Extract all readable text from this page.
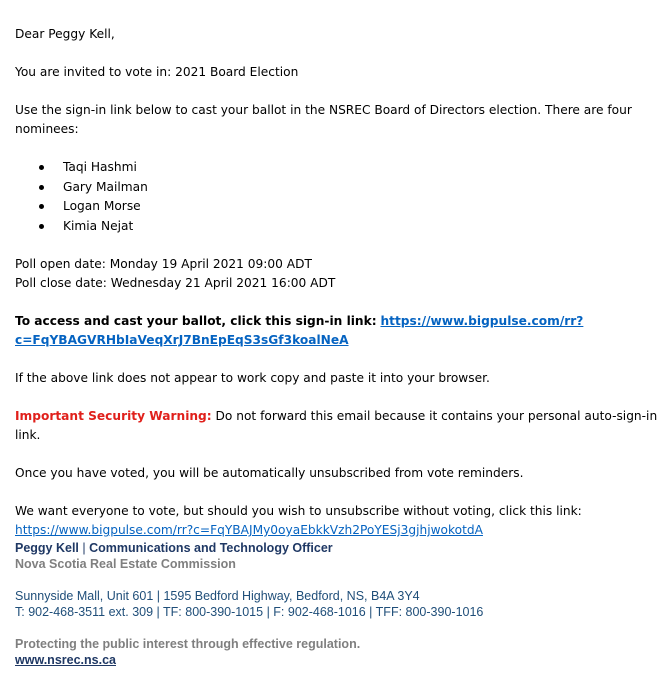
Dear Peggy Kell,

You are invited to vote in: 2021 Board Election

Use the sign-in link below to cast your ballot in the NSREC Board of Directors election. There are four nominees:

Taqi Hashmi
Gary Mailman
Logan Morse
Kimia Nejat

Poll open date: Monday 19 April 2021 09:00 ADT

Poll close date: Wednesday 21 April 2021 16:00 ADT

To access and cast your ballot, click this sign-in link: https://www.bigpulse.com/rr?
c=FqYBAGVRHbIaVeqXrJ7BnEpEqS3sGf3koalNeA

If the above link does not appear to work copy and paste it into your browser.

Important Security Warning: Do not forward this email because it contains your personal auto-sign-in link.

Once you have voted, you will be automatically unsubscribed from vote reminders.

We want everyone to vote, but should you wish to unsubscribe without voting, click this link:

https://www.bigpulse.com/rr?c=FqYBAJMy0oyaEbkkVzh2PoYESj3gjhjwokotdA

Peggy Kell | Communications and Technology Officer
Nova Scotia Real Estate Commission
Sunnyside Mall, Unit 601 | 1595 Bedford Highway, Bedford, NS, B4A 3Y4
T: 902-468-3511 ext. 309 | TF: 800-390-1015 | F: 902-468-1016 | TFF: 800-390-1016
Protecting the public interest through effective regulation.
www.nsrec.ns.ca
